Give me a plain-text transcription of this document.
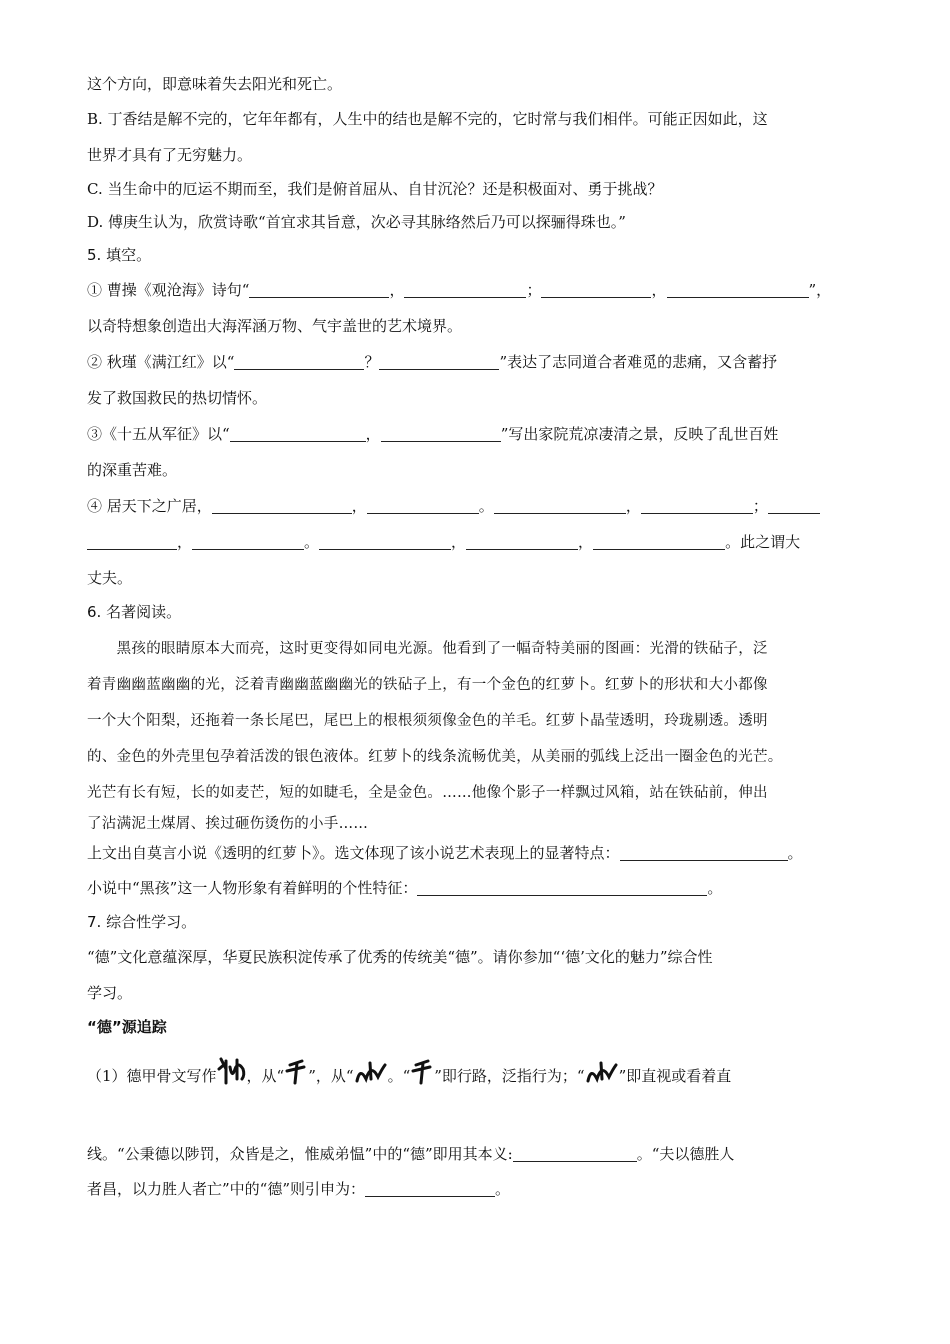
这个方向，即意味着失去阳光和死亡。
B. 丁香结是解不完的，它年年都有，人生中的结也是解不完的，它时常与我们相伴。可能正因如此，这
世界才具有了无穷魅力。
C. 当生命中的厄运不期而至，我们是俯首屈从、自甘沉沦？还是积极面对、勇于挑战？
D. 傅庚生认为，欣赏诗歌“首宜求其旨意，次必寻其脉络然后乃可以探骊得珠也。”
5. 填空。
① 曹操《观沧海》诗句“	，	；	，	”，
以奇特想象创造出大海浑涵万物、气宇盖世的艺术境界。
② 秋瑾《满江红》以“	？	”表达了志同道合者难觅的悲痛，又含蓄抒
发了救国救民的热切情怀。
③《十五从军征》以“	，	”写出家院荒凉凄清之景，反映了乱世百姓
的深重苦难。
④ 居天下之广居，	，	。	，	；
，	。	，	，	。此之谓大
丈夫。
6. 名著阅读。
　　黑孩的眼睛原本大而亮，这时更变得如同电光源。他看到了一幅奇特美丽的图画：光滑的铁砧子，泛
着青幽幽蓝幽幽的光，泛着青幽幽蓝幽幽光的铁砧子上，有一个金色的红萝卜。红萝卜的形状和大小都像
一个大个阳梨，还拖着一条长尾巴，尾巴上的根根须须像金色的羊毛。红萝卜晶莹透明，玲珑剔透。透明
的、金色的外壳里包孕着活泼的银色液体。红萝卜的线条流畅优美，从美丽的弧线上泛出一圈金色的光芒。
光芒有长有短，长的如麦芒，短的如睫毛，全是金色。……他像个影子一样飘过风箱，站在铁砧前，伸出
了沾满泥土煤屑、挨过砸伤烫伤的小手……
上文出自莫言小说《透明的红萝卜》。选文体现了该小说艺术表现上的显著特点：	。
小说中“黑孩”这一人物形象有着鲜明的个性特征：	。
7. 综合性学习。
“德”文化意蕴深厚，华夏民族积淀传承了优秀的传统美“德”。请你参加“‘德’文化的魅力”综合性
学习。
“德”源追踪
（1）德甲骨文写作 ，从“ ”，从“ 。“ ”即行路，泛指行为；“ ”即直视或看着直
线。“公秉德以陟罚，众皆是之，惟威弟愠”中的“德”即用其本义:	。“夫以德胜人
者昌，以力胜人者亡”中的“德”则引申为：	。
